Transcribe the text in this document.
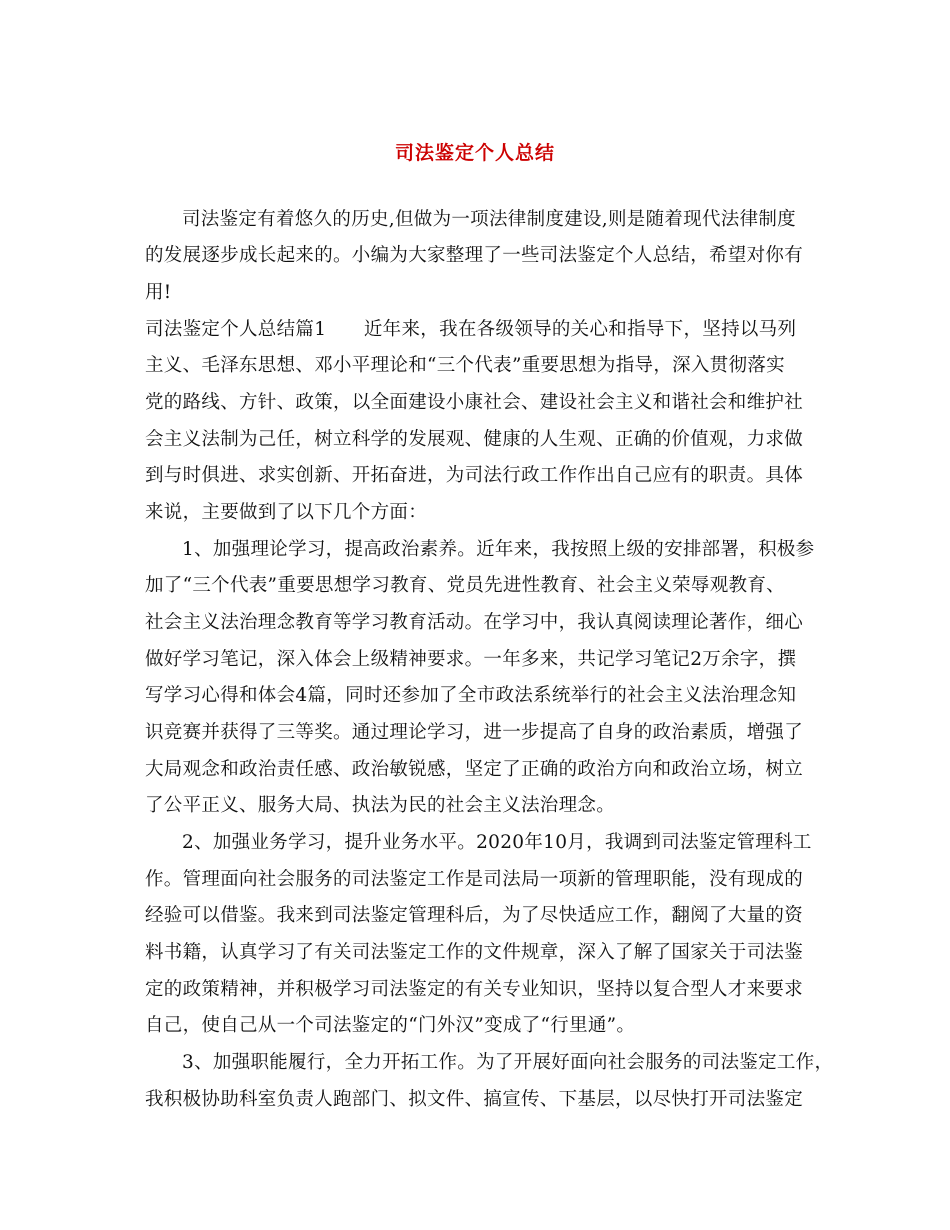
司法鉴定个人总结
司法鉴定有着悠久的历史,但做为一项法律制度建设,则是随着现代法律制度
的发展逐步成长起来的。小编为大家整理了一些司法鉴定个人总结，希望对你有
用!
司法鉴定个人总结篇1　　近年来，我在各级领导的关心和指导下，坚持以马列
主义、毛泽东思想、邓小平理论和“三个代表”重要思想为指导，深入贯彻落实
党的路线、方针、政策，以全面建设小康社会、建设社会主义和谐社会和维护社
会主义法制为己任，树立科学的发展观、健康的人生观、正确的价值观，力求做
到与时俱进、求实创新、开拓奋进，为司法行政工作作出自己应有的职责。具体
来说，主要做到了以下几个方面：
1、加强理论学习，提高政治素养。近年来，我按照上级的安排部署，积极参
加了“三个代表”重要思想学习教育、党员先进性教育、社会主义荣辱观教育、
社会主义法治理念教育等学习教育活动。在学习中，我认真阅读理论著作，细心
做好学习笔记，深入体会上级精神要求。一年多来，共记学习笔记2万余字，撰
写学习心得和体会4篇，同时还参加了全市政法系统举行的社会主义法治理念知
识竞赛并获得了三等奖。通过理论学习，进一步提高了自身的政治素质，增强了
大局观念和政治责任感、政治敏锐感，坚定了正确的政治方向和政治立场，树立
了公平正义、服务大局、执法为民的社会主义法治理念。
2、加强业务学习，提升业务水平。2020年10月，我调到司法鉴定管理科工
作。管理面向社会服务的司法鉴定工作是司法局一项新的管理职能，没有现成的
经验可以借鉴。我来到司法鉴定管理科后，为了尽快适应工作，翻阅了大量的资
料书籍，认真学习了有关司法鉴定工作的文件规章，深入了解了国家关于司法鉴
定的政策精神，并积极学习司法鉴定的有关专业知识，坚持以复合型人才来要求
自己，使自己从一个司法鉴定的“门外汉”变成了“行里通”。
3、加强职能履行，全力开拓工作。为了开展好面向社会服务的司法鉴定工作，
我积极协助科室负责人跑部门、拟文件、搞宣传、下基层，以尽快打开司法鉴定
